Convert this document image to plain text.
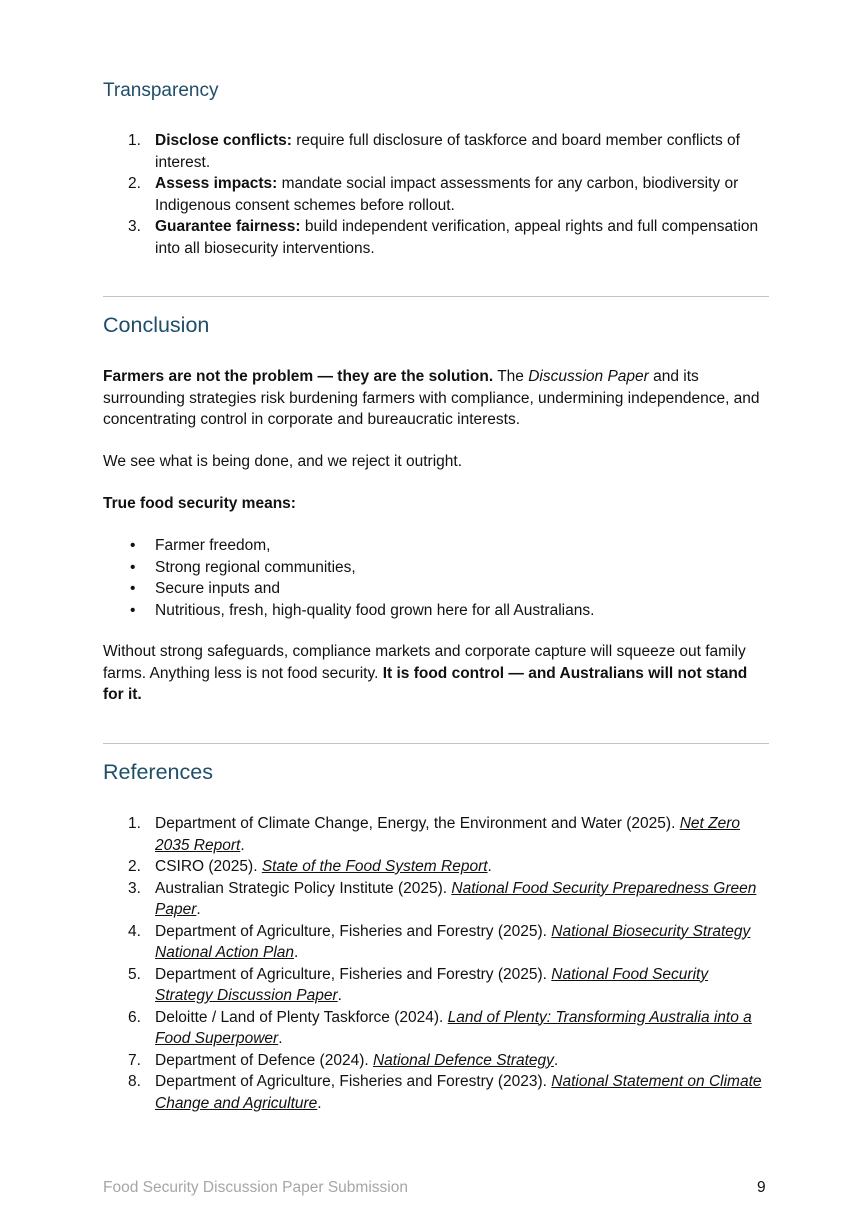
Transparency
1. Disclose conflicts: require full disclosure of taskforce and board member conflicts of interest.
2. Assess impacts: mandate social impact assessments for any carbon, biodiversity or Indigenous consent schemes before rollout.
3. Guarantee fairness: build independent verification, appeal rights and full compensation into all biosecurity interventions.
Conclusion

Farmers are not the problem — they are the solution. The Discussion Paper and its surrounding strategies risk burdening farmers with compliance, undermining independence, and concentrating control in corporate and bureaucratic interests.

We see what is being done, and we reject it outright.

True food security means:

• Farmer freedom,
• Strong regional communities,
• Secure inputs and
• Nutritious, fresh, high-quality food grown here for all Australians.

Without strong safeguards, compliance markets and corporate capture will squeeze out family farms. Anything less is not food security. It is food control — and Australians will not stand for it.

References
1. Department of Climate Change, Energy, the Environment and Water (2025). Net Zero 2035 Report.
2. CSIRO (2025). State of the Food System Report.
3. Australian Strategic Policy Institute (2025). National Food Security Preparedness Green Paper.
4. Department of Agriculture, Fisheries and Forestry (2025). National Biosecurity Strategy National Action Plan.
5. Department of Agriculture, Fisheries and Forestry (2025). National Food Security Strategy Discussion Paper.
6. Deloitte / Land of Plenty Taskforce (2024). Land of Plenty: Transforming Australia into a Food Superpower.
7. Department of Defence (2024). National Defence Strategy.
8. Department of Agriculture, Fisheries and Forestry (2023). National Statement on Climate Change and Agriculture.
Food Security Discussion Paper Submission	9
